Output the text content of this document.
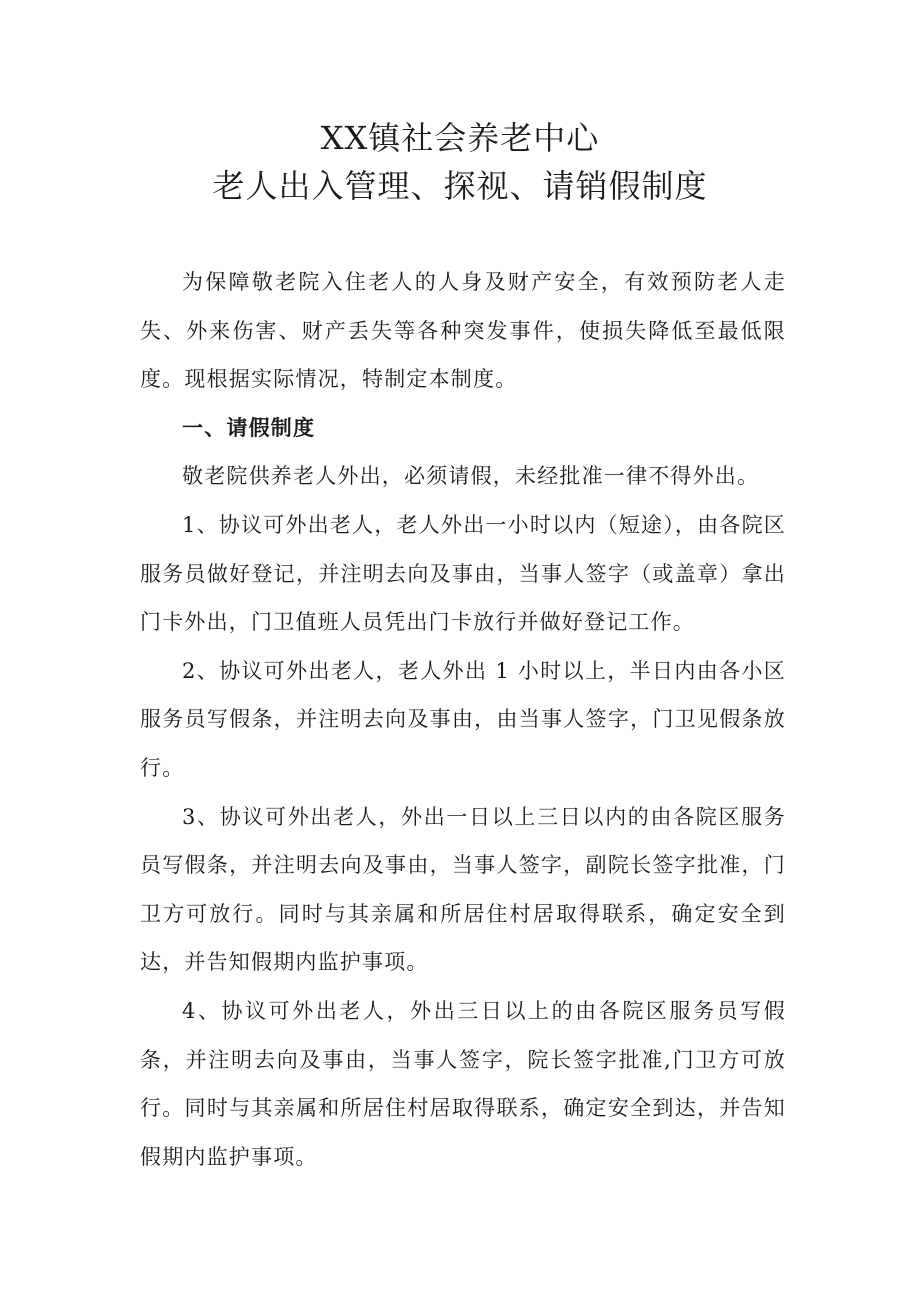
XX镇社会养老中心
老人出入管理、探视、请销假制度

为保障敬老院入住老人的人身及财产安全，有效预防老人走失、外来伤害、财产丢失等各种突发事件，使损失降低至最低限度。现根据实际情况，特制定本制度。

一、请假制度

敬老院供养老人外出，必须请假，未经批准一律不得外出。

1、协议可外出老人，老人外出一小时以内（短途），由各院区服务员做好登记，并注明去向及事由，当事人签字（或盖章）拿出门卡外出，门卫值班人员凭出门卡放行并做好登记工作。

2、协议可外出老人，老人外出 1 小时以上，半日内由各小区服务员写假条，并注明去向及事由，由当事人签字，门卫见假条放行。

3、协议可外出老人，外出一日以上三日以内的由各院区服务员写假条，并注明去向及事由，当事人签字，副院长签字批准，门卫方可放行。同时与其亲属和所居住村居取得联系，确定安全到达，并告知假期内监护事项。

4、协议可外出老人，外出三日以上的由各院区服务员写假条，并注明去向及事由，当事人签字，院长签字批准,门卫方可放行。同时与其亲属和所居住村居取得联系，确定安全到达，并告知假期内监护事项。
